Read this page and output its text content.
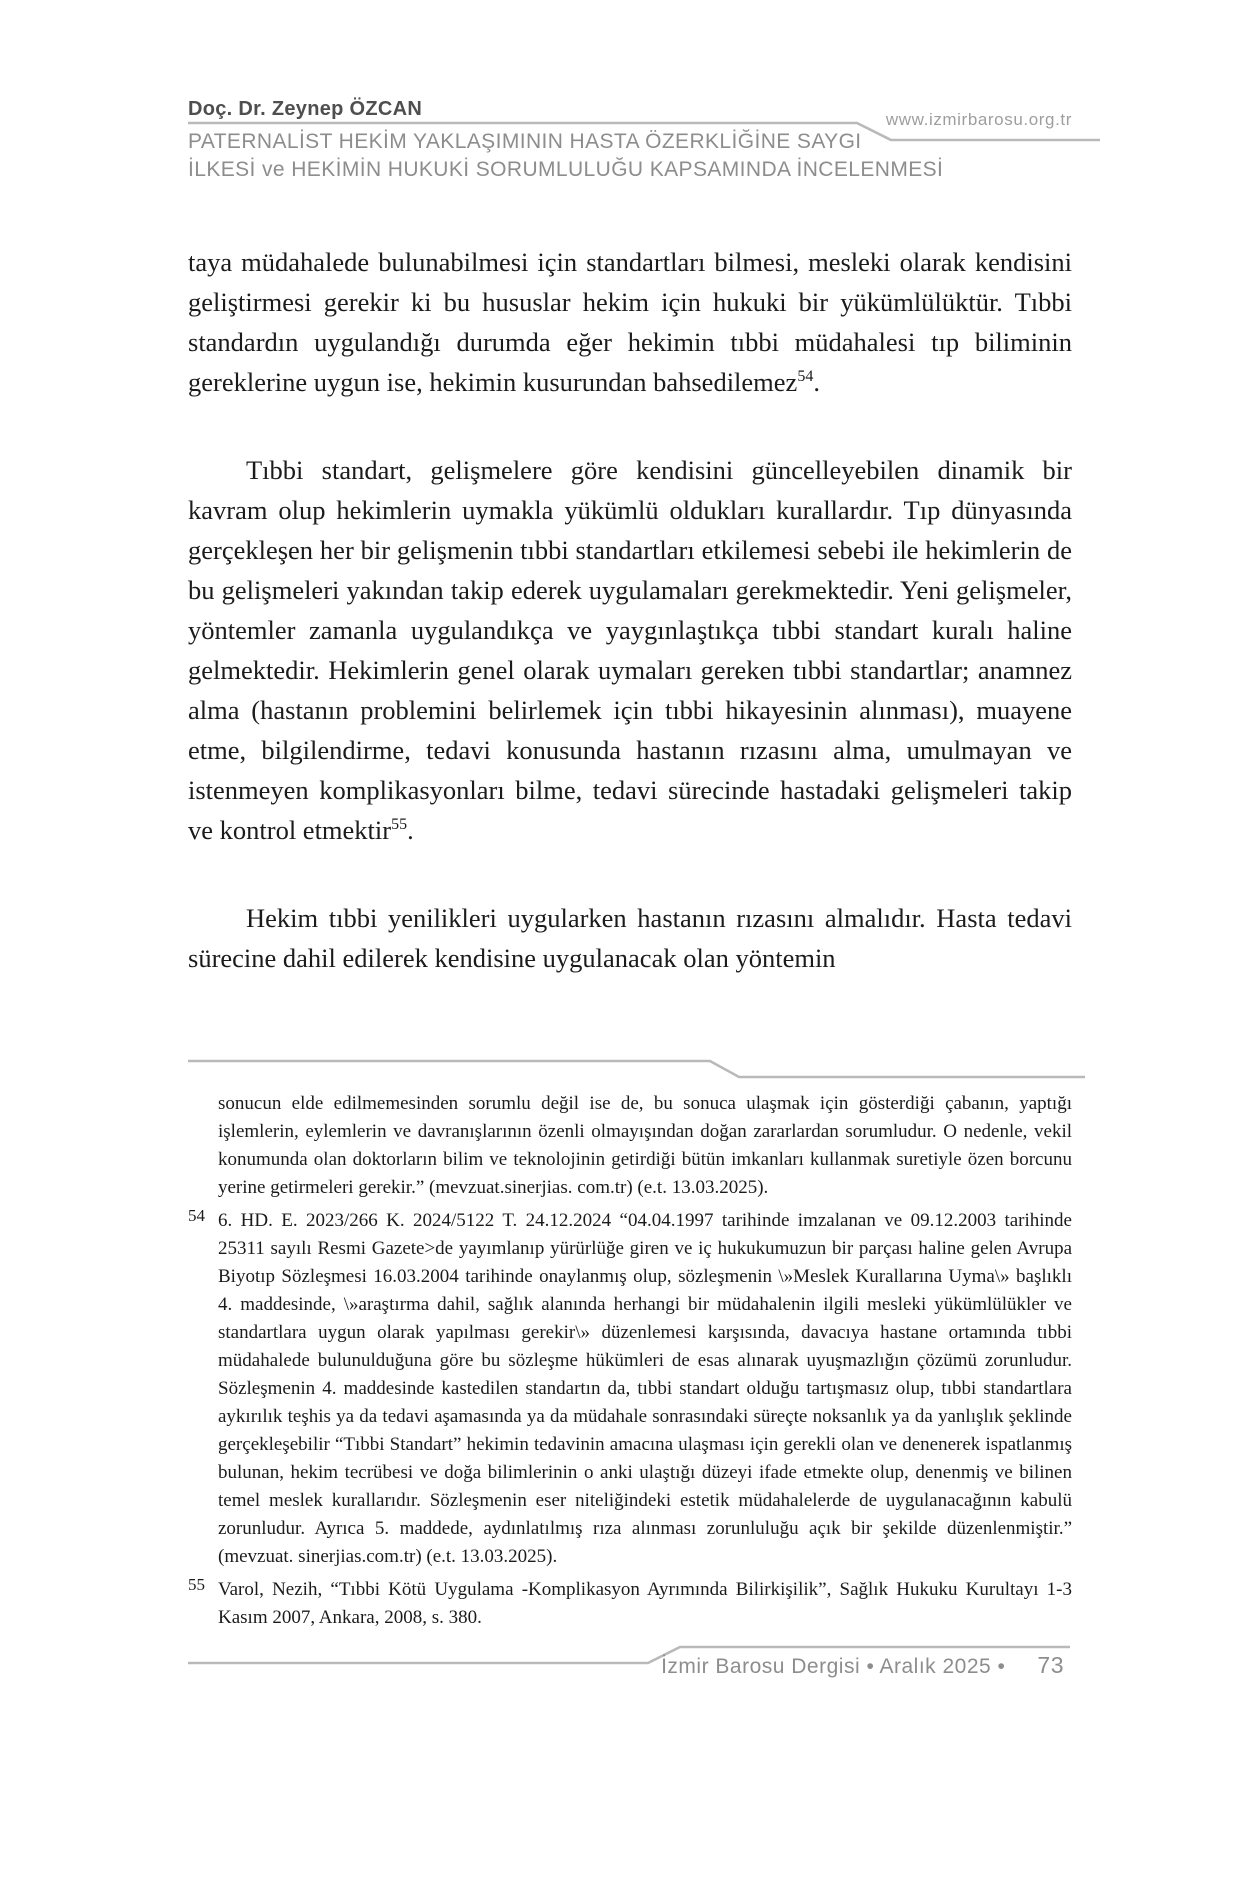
Doç. Dr. Zeynep ÖZCAN	www.izmirbarosu.org.tr
PATERNALİST HEKİM YAKLAŞIMININ HASTA ÖZERKLİĞİNE SAYGI
İLKESİ ve HEKİMİN HUKUKİ SORUMLULUĞU KAPSAMINDA İNCELENMESİ

taya müdahalede bulunabilmesi için standartları bilmesi, mesleki olarak kendisini geliştirmesi gerekir ki bu hususlar hekim için hukuki bir yükümlülüktür. Tıbbi standardın uygulandığı durumda eğer hekimin tıbbi müdahalesi tıp biliminin gereklerine uygun ise, hekimin kusurundan bahsedilemez$^{54}$.

Tıbbi standart, gelişmelere göre kendisini güncelleyebilen dinamik bir kavram olup hekimlerin uymakla yükümlü oldukları kurallardır. Tıp dünyasında gerçekleşen her bir gelişmenin tıbbi standartları etkilemesi sebebi ile hekimlerin de bu gelişmeleri yakından takip ederek uygulamaları gerekmektedir. Yeni gelişmeler, yöntemler zamanla uygulandıkça ve yaygınlaştıkça tıbbi standart kuralı haline gelmektedir. Hekimlerin genel olarak uymaları gereken tıbbi standartlar; anamnez alma (hastanın problemini belirlemek için tıbbi hikayesinin alınması), muayene etme, bilgilendirme, tedavi konusunda hastanın rızasını alma, umulmayan ve istenmeyen komplikasyonları bilme, tedavi sürecinde hastadaki gelişmeleri takip ve kontrol etmektir$^{55}$.

Hekim tıbbi yenilikleri uygularken hastanın rızasını almalıdır. Hasta tedavi sürecine dahil edilerek kendisine uygulanacak olan yöntemin

sonucun elde edilmemesinden sorumlu değil ise de, bu sonuca ulaşmak için gösterdiği çabanın, yaptığı işlemlerin, eylemlerin ve davranışlarının özenli olmayışından doğan zararlardan sorumludur. O nedenle, vekil konumunda olan doktorların bilim ve teknolojinin getirdiği bütün imkanları kullanmak suretiyle özen borcunu yerine getirmeleri gerekir.” (mevzuat.sinerjias. com.tr) (e.t. 13.03.2025).
54 6. HD. E. 2023/266 K. 2024/5122 T. 24.12.2024 “04.04.1997 tarihinde imzalanan ve 09.12.2003 tarihinde 25311 sayılı Resmi Gazete>de yayımlanıp yürürlüğe giren ve iç hukukumuzun bir parçası haline gelen Avrupa Biyotıp Sözleşmesi 16.03.2004 tarihinde onaylanmış olup, sözleşmenin \»Meslek Kurallarına Uyma\» başlıklı 4. maddesinde, \»araştırma dahil, sağlık alanında herhangi bir müdahalenin ilgili mesleki yükümlülükler ve standartlara uygun olarak yapılması gerekir\» düzenlemesi karşısında, davacıya hastane ortamında tıbbi müdahalede bulunulduğuna göre bu sözleşme hükümleri de esas alınarak uyuşmazlığın çözümü zorunludur. Sözleşmenin 4. maddesinde kastedilen standartın da, tıbbi standart olduğu tartışmasız olup, tıbbi standartlara aykırılık teşhis ya da tedavi aşamasında ya da müdahale sonrasındaki süreçte noksanlık ya da yanlışlık şeklinde gerçekleşebilir “Tıbbi Standart” hekimin tedavinin amacına ulaşması için gerekli olan ve denenerek ispatlanmış bulunan, hekim tecrübesi ve doğa bilimlerinin o anki ulaştığı düzeyi ifade etmekte olup, denenmiş ve bilinen temel meslek kurallarıdır. Sözleşmenin eser niteliğindeki estetik müdahalelerde de uygulanacağının kabulü zorunludur. Ayrıca 5. maddede, aydınlatılmış rıza alınması zorunluluğu açık bir şekilde düzenlenmiştir.” (mevzuat. sinerjias.com.tr) (e.t. 13.03.2025).
55 Varol, Nezih, “Tıbbi Kötü Uygulama -Komplikasyon Ayrımında Bilirkişilik”, Sağlık Hukuku Kurultayı 1-3 Kasım 2007, Ankara, 2008, s. 380.
İzmir Barosu Dergisi • Aralık 2025 • 73
